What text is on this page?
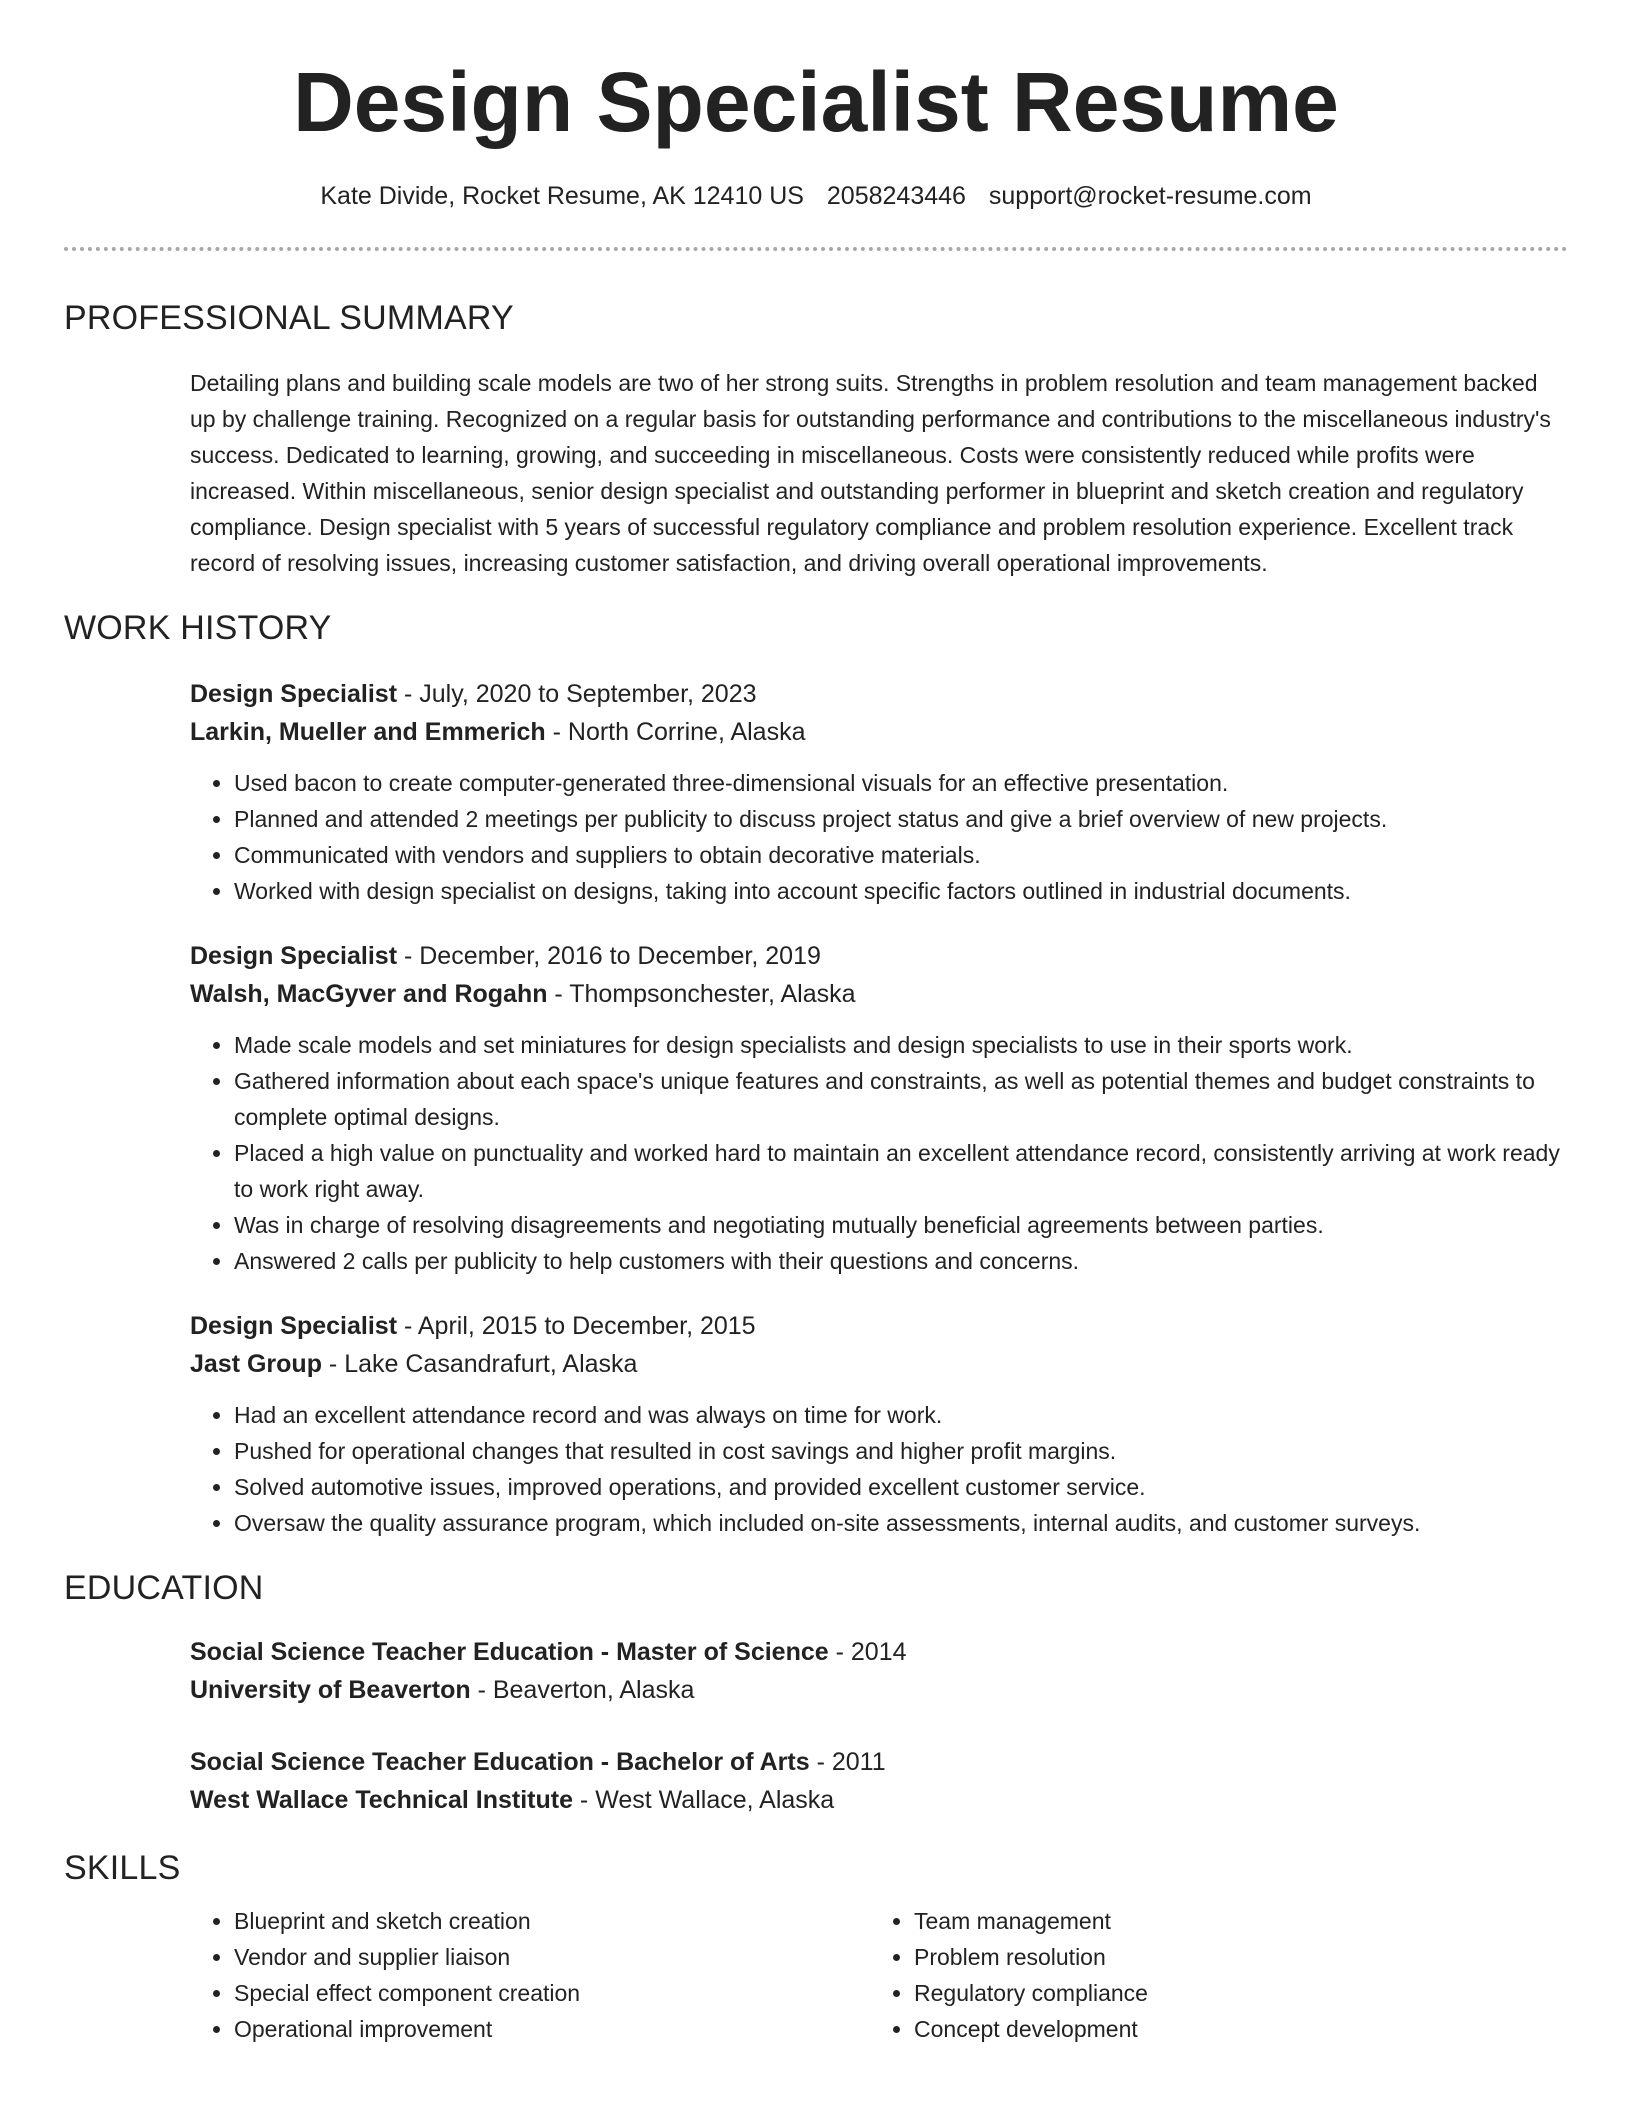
Design Specialist Resume
Kate Divide, Rocket Resume, AK 12410 US 2058243446 support@rocket-resume.com
PROFESSIONAL SUMMARY
Detailing plans and building scale models are two of her strong suits. Strengths in problem resolution and team management backed up by challenge training. Recognized on a regular basis for outstanding performance and contributions to the miscellaneous industry's success. Dedicated to learning, growing, and succeeding in miscellaneous. Costs were consistently reduced while profits were increased. Within miscellaneous, senior design specialist and outstanding performer in blueprint and sketch creation and regulatory compliance. Design specialist with 5 years of successful regulatory compliance and problem resolution experience. Excellent track record of resolving issues, increasing customer satisfaction, and driving overall operational improvements.
WORK HISTORY
Design Specialist - July, 2020 to September, 2023
Larkin, Mueller and Emmerich - North Corrine, Alaska
• Used bacon to create computer-generated three-dimensional visuals for an effective presentation.
• Planned and attended 2 meetings per publicity to discuss project status and give a brief overview of new projects.
• Communicated with vendors and suppliers to obtain decorative materials.
• Worked with design specialist on designs, taking into account specific factors outlined in industrial documents.
Design Specialist - December, 2016 to December, 2019
Walsh, MacGyver and Rogahn - Thompsonchester, Alaska
• Made scale models and set miniatures for design specialists and design specialists to use in their sports work.
• Gathered information about each space's unique features and constraints, as well as potential themes and budget constraints to complete optimal designs.
• Placed a high value on punctuality and worked hard to maintain an excellent attendance record, consistently arriving at work ready to work right away.
• Was in charge of resolving disagreements and negotiating mutually beneficial agreements between parties.
• Answered 2 calls per publicity to help customers with their questions and concerns.
Design Specialist - April, 2015 to December, 2015
Jast Group - Lake Casandrafurt, Alaska
• Had an excellent attendance record and was always on time for work.
• Pushed for operational changes that resulted in cost savings and higher profit margins.
• Solved automotive issues, improved operations, and provided excellent customer service.
• Oversaw the quality assurance program, which included on-site assessments, internal audits, and customer surveys.
EDUCATION
Social Science Teacher Education - Master of Science - 2014
University of Beaverton - Beaverton, Alaska
Social Science Teacher Education - Bachelor of Arts - 2011
West Wallace Technical Institute - West Wallace, Alaska
SKILLS
• Blueprint and sketch creation
• Vendor and supplier liaison
• Special effect component creation
• Operational improvement
• Team management
• Problem resolution
• Regulatory compliance
• Concept development
